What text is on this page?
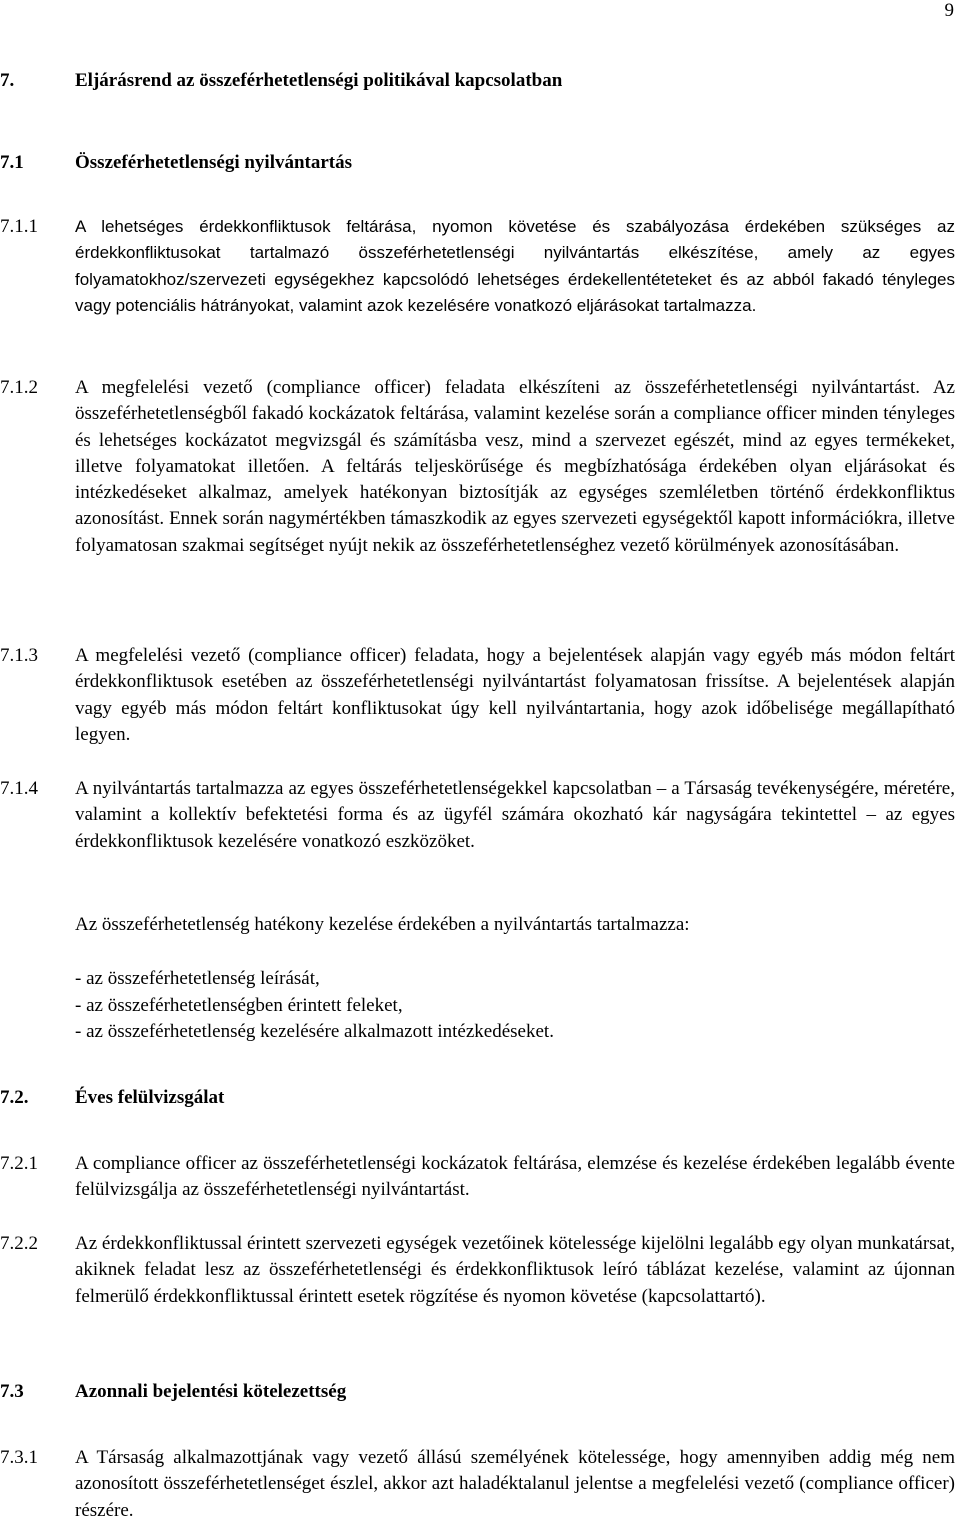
9
7.	Eljárásrend az összeférhetetlenségi politikával kapcsolatban
7.1	Összeférhetetlenségi nyilvántartás
7.1.1 A lehetséges érdekkonfliktusok feltárása, nyomon követése és szabályozása érdekében szükséges az érdekkonfliktusokat tartalmazó összeférhetetlenségi nyilvántartás elkészítése, amely az egyes folyamatokhoz/szervezeti egységekhez kapcsolódó lehetséges érdekellentéteteket és az abból fakadó tényleges vagy potenciális hátrányokat, valamint azok kezelésére vonatkozó eljárásokat tartalmazza.
7.1.2 A megfelelési vezető (compliance officer) feladata elkészíteni az összeférhetetlenségi nyilvántartást. Az összeférhetetlenségből fakadó kockázatok feltárása, valamint kezelése során a compliance officer minden tényleges és lehetséges kockázatot megvizsgál és számításba vesz, mind a szervezet egészét, mind az egyes termékeket, illetve folyamatokat illetően. A feltárás teljeskörűsége és megbízhatósága érdekében olyan eljárásokat és intézkedéseket alkalmaz, amelyek hatékonyan biztosítják az egységes szemléletben történő érdekkonfliktus azonosítást. Ennek során nagymértékben támaszkodik az egyes szervezeti egységektől kapott információkra, illetve folyamatosan szakmai segítséget nyújt nekik az összeférhetetlenséghez vezető körülmények azonosításában.
7.1.3 A megfelelési vezető (compliance officer) feladata, hogy a bejelentések alapján vagy egyéb más módon feltárt érdekkonfliktusok esetében az összeférhetetlenségi nyilvántartást folyamatosan frissítse. A bejelentések alapján vagy egyéb más módon feltárt konfliktusokat úgy kell nyilvántartania, hogy azok időbelisége megállapítható legyen.
7.1.4 A nyilvántartás tartalmazza az egyes összeférhetetlenségekkel kapcsolatban – a Társaság tevékenységére, méretére, valamint a kollektív befektetési forma és az ügyfél számára okozható kár nagyságára tekintettel – az egyes érdekkonfliktusok kezelésére vonatkozó eszközöket.
Az összeférhetetlenség hatékony kezelése érdekében a nyilvántartás tartalmazza:
- az összeférhetetlenség leírását,
- az összeférhetetlenségben érintett feleket,
- az összeférhetetlenség kezelésére alkalmazott intézkedéseket.
7.2. Éves felülvizsgálat
7.2.1 A compliance officer az összeférhetetlenségi kockázatok feltárása, elemzése és kezelése érdekében legalább évente felülvizsgálja az összeférhetetlenségi nyilvántartást.
7.2.2 Az érdekkonfliktussal érintett szervezeti egységek vezetőinek kötelessége kijelölni legalább egy olyan munkatársat, akiknek feladat lesz az összeférhetetlenségi és érdekkonfliktusok leíró táblázat kezelése, valamint az újonnan felmerülő érdekkonfliktussal érintett esetek rögzítése és nyomon követése (kapcsolattartó).
7.3	Azonnali bejelentési kötelezettség
7.3.1 A Társaság alkalmazottjának vagy vezető állású személyének kötelessége, hogy amennyiben addig még nem azonosított összeférhetetlenséget észlel, akkor azt haladéktalanul jelentse a megfelelési vezető (compliance officer) részére.
